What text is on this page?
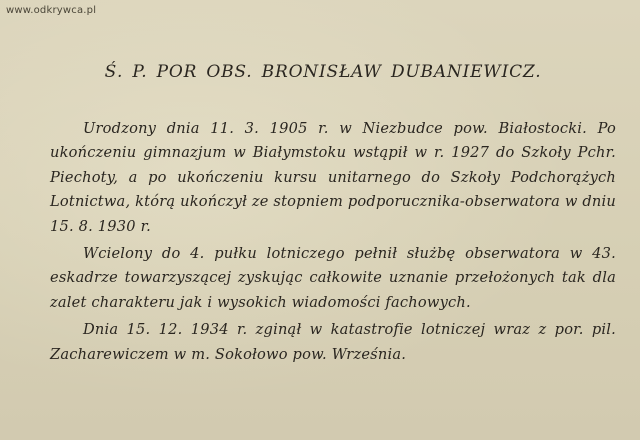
www.odkrywca.pl
Ś. P. POR OBS. BRONISŁAW DUBANIEWICZ.

Urodzony dnia 11. 3. 1905 r. w Niezbudce pow. Białostocki. Po ukończeniu gimnazjum w Białymstoku wstąpił w r. 1927 do Szkoły Pchr. Piechoty, a po ukończeniu kursu unitarnego do Szkoły Podchorążych Lotnictwa, którą ukończył ze stopniem podporucznika-obserwatora w dniu 15. 8. 1930 r.

Wcielony do 4. pułku lotniczego pełnił służbę obserwatora w 43. eskadrze towarzyszącej zyskując całkowite uznanie przełożonych tak dla zalet charakteru jak i wysokich wiadomości fachowych.

Dnia 15. 12. 1934 r. zginął w katastrofie lotniczej wraz z por. pil. Zacharewiczem w m. Sokołowo pow. Września.
